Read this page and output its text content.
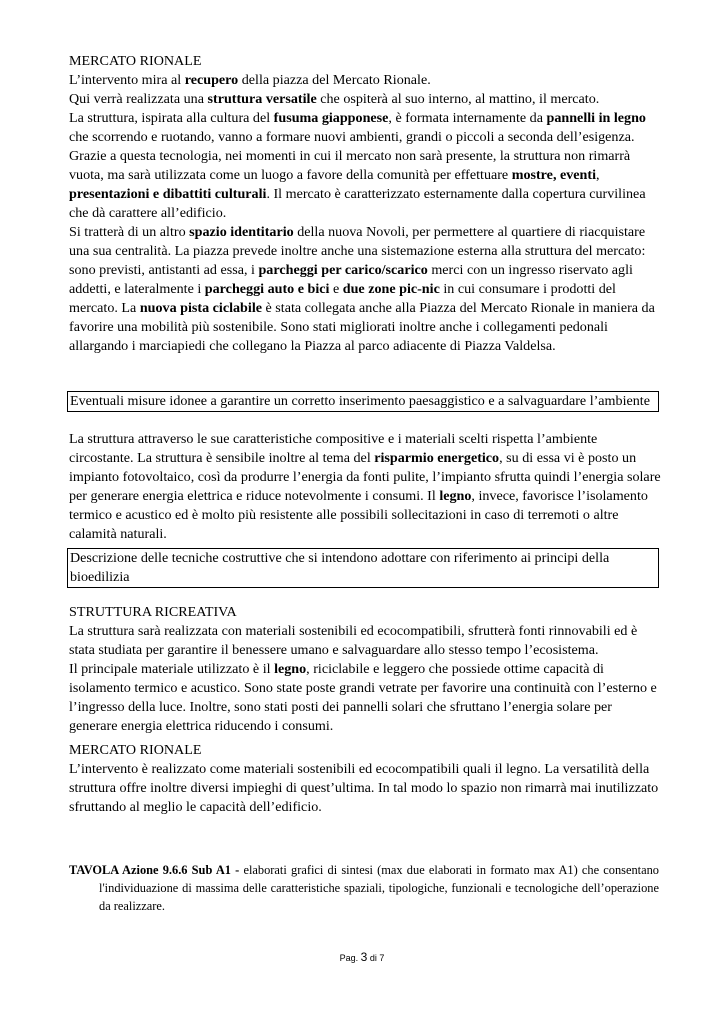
MERCATO RIONALE

L’intervento mira al recupero della piazza del Mercato Rionale.

Qui verrà realizzata una struttura versatile che ospiterà al suo interno, al mattino, il mercato.

La struttura, ispirata alla cultura del fusuma giapponese, è formata internamente da pannelli in legno che scorrendo e ruotando, vanno a formare nuovi ambienti, grandi o piccoli a seconda dell’esigenza. Grazie a questa tecnologia, nei momenti in cui il mercato non sarà presente, la struttura non rimarrà vuota, ma sarà utilizzata come un luogo a favore della comunità per effettuare mostre, eventi, presentazioni e dibattiti culturali. Il mercato è caratterizzato esternamente dalla copertura curvilinea che dà carattere all’edificio.

Si tratterà di un altro spazio identitario della nuova Novoli, per permettere al quartiere di riacquistare una sua centralità. La piazza prevede inoltre anche una sistemazione esterna alla struttura del mercato: sono previsti, antistanti ad essa, i parcheggi per carico/scarico merci con un ingresso riservato agli addetti, e lateralmente i parcheggi auto e bici e due zone pic-nic in cui consumare i prodotti del mercato. La nuova pista ciclabile è stata collegata anche alla Piazza del Mercato Rionale in maniera da favorire una mobilità più sostenibile. Sono stati migliorati inoltre anche i collegamenti pedonali allargando i marciapiedi che collegano la Piazza al parco adiacente di Piazza Valdelsa.

Eventuali misure idonee a garantire un corretto inserimento paesaggistico e a salvaguardare l’ambiente

La struttura attraverso le sue caratteristiche compositive e i materiali scelti rispetta l’ambiente circostante. La struttura è sensibile inoltre al tema del risparmio energetico, su di essa vi è posto un impianto fotovoltaico, così da produrre l’energia da fonti pulite, l’impianto sfrutta quindi l’energia solare per generare energia elettrica e riduce notevolmente i consumi. Il legno, invece, favorisce l’isolamento termico e acustico ed è molto più resistente alle possibili sollecitazioni in caso di terremoti o altre calamità naturali.

Descrizione delle tecniche costruttive che si intendono adottare con riferimento ai principi della bioedilizia

STRUTTURA RICREATIVA

La struttura sarà realizzata con materiali sostenibili ed ecocompatibili, sfrutterà fonti rinnovabili ed è stata studiata per garantire il benessere umano e salvaguardare allo stesso tempo l’ecosistema.

Il principale materiale utilizzato è il legno, riciclabile e leggero che possiede ottime capacità di isolamento termico e acustico. Sono state poste grandi vetrate per favorire una continuità con l’esterno e l’ingresso della luce. Inoltre, sono stati posti dei pannelli solari che sfruttano l’energia solare per generare energia elettrica riducendo i consumi.

MERCATO RIONALE

L’intervento è realizzato come materiali sostenibili ed ecocompatibili quali il legno. La versatilità della struttura offre inoltre diversi impieghi di quest’ultima. In tal modo lo spazio non rimarrà mai inutilizzato sfruttando al meglio le capacità dell’edificio.

TAVOLA Azione 9.6.6 Sub A1 - elaborati grafici di sintesi (max due elaborati in formato max A1) che consentano l'individuazione di massima delle caratteristiche spaziali, tipologiche, funzionali e tecnologiche dell’operazione da realizzare.

Pag. 3 di 7
